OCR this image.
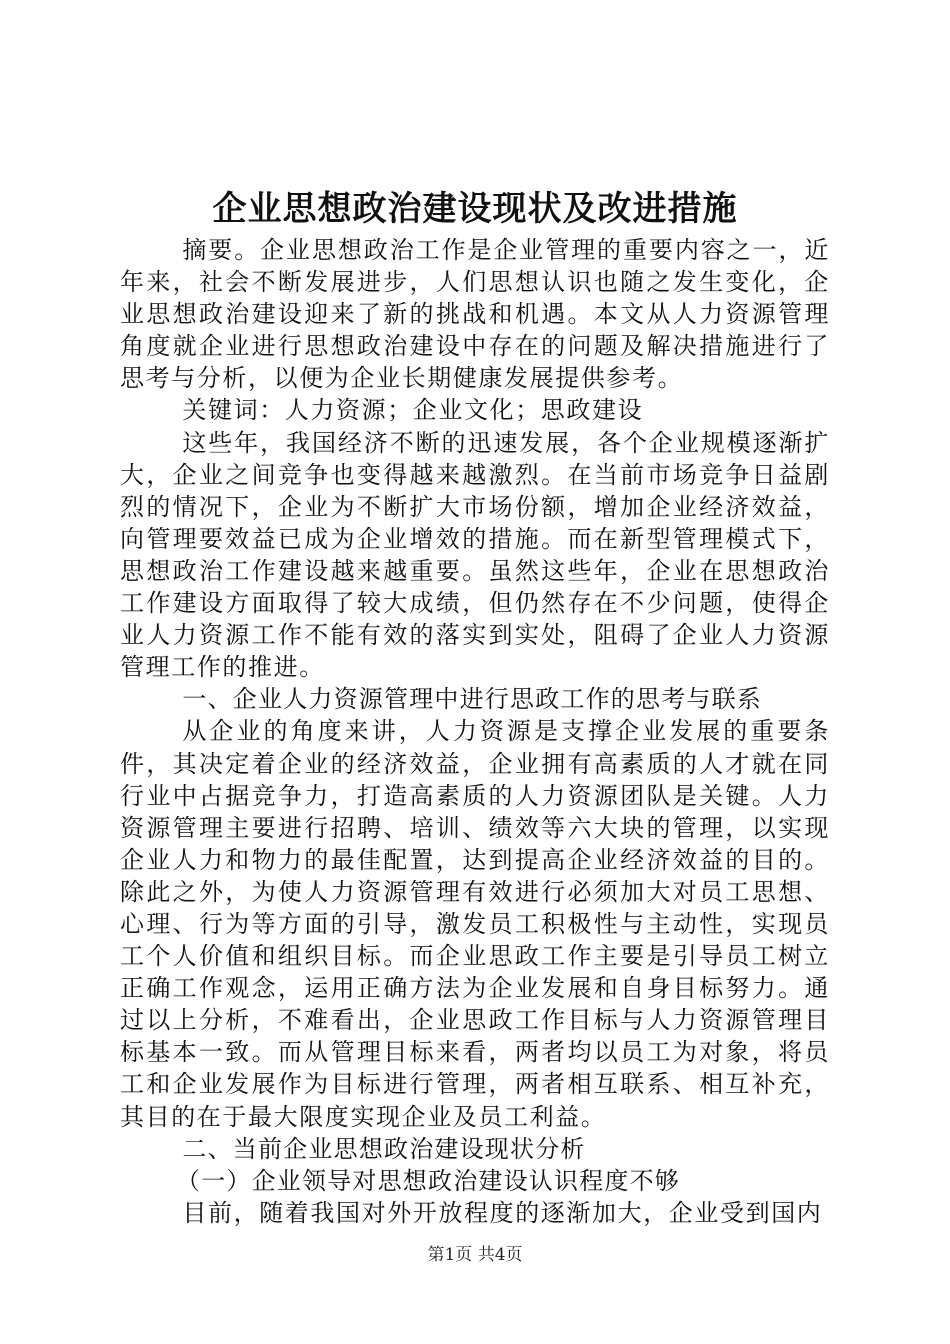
企业思想政治建设现状及改进措施

摘要。企业思想政治工作是企业管理的重要内容之一，近年来，社会不断发展进步，人们思想认识也随之发生变化，企业思想政治建设迎来了新的挑战和机遇。本文从人力资源管理角度就企业进行思想政治建设中存在的问题及解决措施进行了思考与分析，以便为企业长期健康发展提供参考。

关键词：人力资源；企业文化；思政建设

这些年，我国经济不断的迅速发展，各个企业规模逐渐扩大，企业之间竞争也变得越来越激烈。在当前市场竞争日益剧烈的情况下，企业为不断扩大市场份额，增加企业经济效益，向管理要效益已成为企业增效的措施。而在新型管理模式下，思想政治工作建设越来越重要。虽然这些年，企业在思想政治工作建设方面取得了较大成绩，但仍然存在不少问题，使得企业人力资源工作不能有效的落实到实处，阻碍了企业人力资源管理工作的推进。

一、企业人力资源管理中进行思政工作的思考与联系

从企业的角度来讲，人力资源是支撑企业发展的重要条件，其决定着企业的经济效益，企业拥有高素质的人才就在同行业中占据竞争力，打造高素质的人力资源团队是关键。人力资源管理主要进行招聘、培训、绩效等六大块的管理，以实现企业人力和物力的最佳配置，达到提高企业经济效益的目的。除此之外，为使人力资源管理有效进行必须加大对员工思想、心理、行为等方面的引导，激发员工积极性与主动性，实现员工个人价值和组织目标。而企业思政工作主要是引导员工树立正确工作观念，运用正确方法为企业发展和自身目标努力。通过以上分析，不难看出，企业思政工作目标与人力资源管理目标基本一致。而从管理目标来看，两者均以员工为对象，将员工和企业发展作为目标进行管理，两者相互联系、相互补充，其目的在于最大限度实现企业及员工利益。

二、当前企业思想政治建设现状分析

（一）企业领导对思想政治建设认识程度不够

目前，随着我国对外开放程度的逐渐加大，企业受到国内

第1页 共4页
